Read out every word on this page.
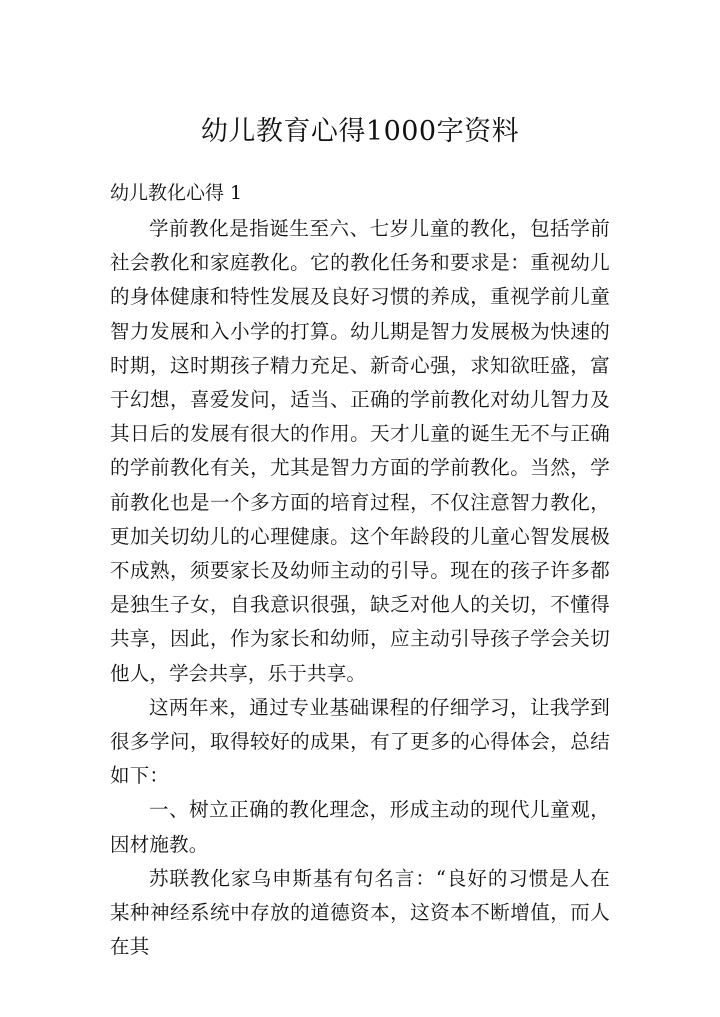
幼儿教育心得1000字资料
幼儿教化心得 1

学前教化是指诞生至六、七岁儿童的教化，包括学前社会教化和家庭教化。它的教化任务和要求是：重视幼儿的身体健康和特性发展及良好习惯的养成，重视学前儿童智力发展和入小学的打算。幼儿期是智力发展极为快速的时期，这时期孩子精力充足、新奇心强，求知欲旺盛，富于幻想，喜爱发问，适当、正确的学前教化对幼儿智力及其日后的发展有很大的作用。天才儿童的诞生无不与正确的学前教化有关，尤其是智力方面的学前教化。当然，学前教化也是一个多方面的培育过程，不仅注意智力教化，更加关切幼儿的心理健康。这个年龄段的儿童心智发展极不成熟，须要家长及幼师主动的引导。现在的孩子许多都是独生子女，自我意识很强，缺乏对他人的关切，不懂得共享，因此，作为家长和幼师，应主动引导孩子学会关切他人，学会共享，乐于共享。

这两年来，通过专业基础课程的仔细学习，让我学到很多学问，取得较好的成果，有了更多的心得体会，总结如下：

一、树立正确的教化理念，形成主动的现代儿童观，因材施教。

苏联教化家乌申斯基有句名言：“良好的习惯是人在某种神经系统中存放的道德资本，这资本不断增值，而人在其
